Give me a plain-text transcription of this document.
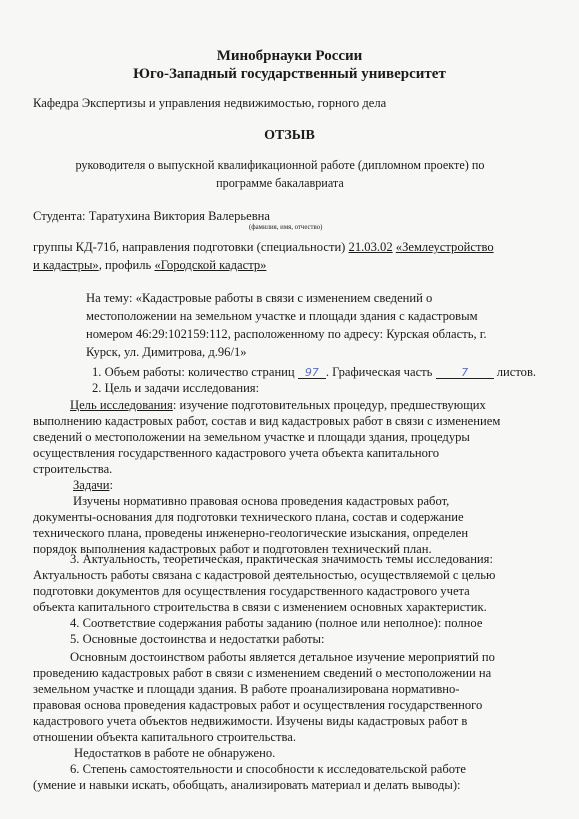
Минобрнауки России
Юго-Западный государственный университет
Кафедра Экспертизы и управления недвижимостью, горного дела
ОТЗЫВ
руководителя о выпускной квалификационной работе (дипломном проекте) по
программе бакалавриата
Студента: Таратухина Виктория Валерьевна
(фамилия, имя, отчество)
группы КД-71б, направления подготовки (специальности) 21.03.02 «Землеустройство
и кадастры», профиль «Городской кадастр»
На тему: «Кадастровые работы в связи с изменением сведений о
местоположении на земельном участке и площади здания с кадастровым
номером 46:29:102159:112, расположенному по адресу: Курская область, г.
Курск, ул. Димитрова, д.96/1»
1. Объем работы: количество страниц 97 . Графическая часть 7 листов.
2. Цель и задачи исследования:
Цель исследования: изучение подготовительных процедур, предшествующих
выполнению кадастровых работ, состав и вид кадастровых работ в связи с изменением
сведений о местоположении на земельном участке и площади здания, процедуры
осуществления государственного кадастрового учета объекта капитального
строительства.
Задачи:
Изучены нормативно правовая основа проведения кадастровых работ,
документы-основания для подготовки технического плана, состав и содержание
технического плана, проведены инженерно-геологические изыскания, определен
порядок выполнения кадастровых работ и подготовлен технический план.
3. Актуальность, теоретическая, практическая значимость темы исследования:
Актуальность работы связана с кадастровой деятельностью, осуществляемой с целью
подготовки документов для осуществления государственного кадастрового учета
объекта капитального строительства в связи с изменением основных характеристик.
4. Соответствие содержания работы заданию (полное или неполное): полное
5. Основные достоинства и недостатки работы:
Основным достоинством работы является детальное изучение мероприятий по
проведению кадастровых работ в связи с изменением сведений о местоположении на
земельном участке и площади здания. В работе проанализирована нормативно-
правовая основа проведения кадастровых работ и осуществления государственного
кадастрового учета объектов недвижимости. Изучены виды кадастровых работ в
отношении объекта капитального строительства.
Недостатков в работе не обнаружено.
6. Степень самостоятельности и способности к исследовательской работе
(умение и навыки искать, обобщать, анализировать материал и делать выводы):
